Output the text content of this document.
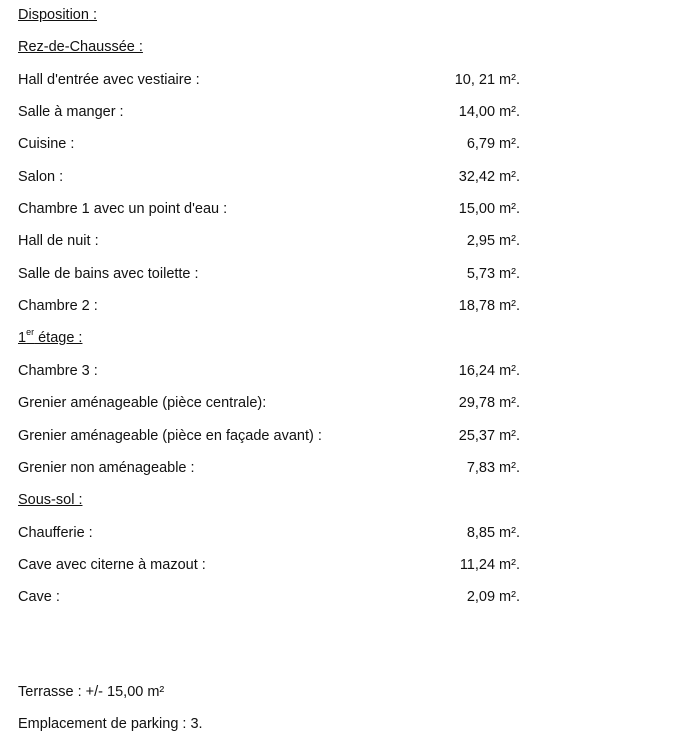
Disposition :
Rez-de-Chaussée :
Hall d'entrée avec vestiaire :	10, 21 m².
Salle à manger :	14,00 m².
Cuisine :	6,79 m².
Salon :	32,42 m².
Chambre 1 avec un point d'eau :	15,00 m².
Hall de nuit :	2,95 m².
Salle de bains avec toilette :	5,73 m².
Chambre 2 :	18,78 m².
1er étage :
Chambre 3 :	16,24 m².
Grenier aménageable (pièce centrale):	29,78 m².
Grenier aménageable (pièce en façade avant) :	25,37 m².
Grenier non aménageable :	7,83 m².
Sous-sol :
Chaufferie :	8,85 m².
Cave avec citerne à mazout :	11,24 m².
Cave :	2,09 m².
Terrasse : +/- 15,00 m²
Emplacement de parking : 3.
